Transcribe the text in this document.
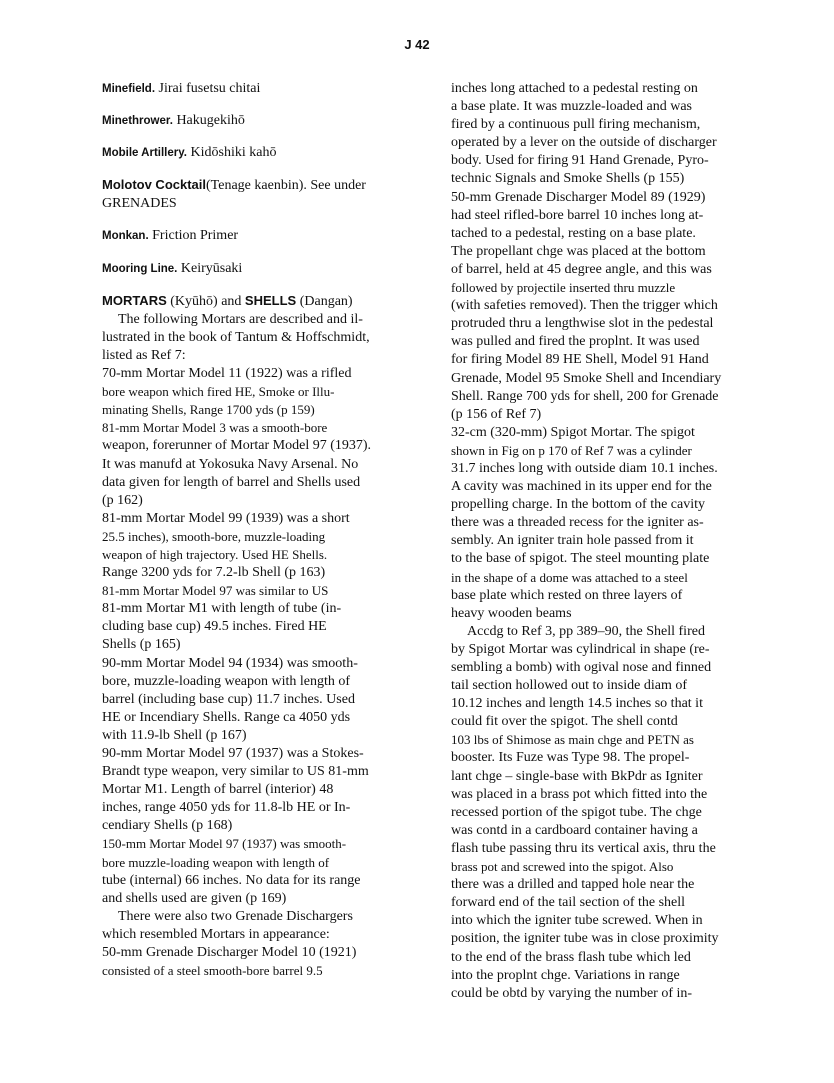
J 42
Minefield. Jirai fusetsu chitai
Minethrower. Hakugekihō
Mobile Artillery. Kidōshiki kahō
Molotov Cocktail(Tenage kaenbin). See under
GRENADES
Monkan. Friction Primer
Mooring Line. Keiryūsaki
MORTARS (Kyūhō) and SHELLS (Dangan)
The following Mortars are described and il-
lustrated in the book of Tantum & Hoffschmidt,
listed as Ref 7:
70-mm Mortar Model 11 (1922) was a rifled
bore weapon which fired HE, Smoke or Illu-
minating Shells, Range 1700 yds (p 159)
81-mm Mortar Model 3 was a smooth-bore
weapon, forerunner of Mortar Model 97 (1937).
It was manufd at Yokosuka Navy Arsenal. No
data given for length of barrel and Shells used
(p 162)
81-mm Mortar Model 99 (1939) was a short
25.5 inches), smooth-bore, muzzle-loading
weapon of high trajectory. Used HE Shells.
Range 3200 yds for 7.2-lb Shell (p 163)
81-mm Mortar Model 97 was similar to US
81-mm Mortar M1 with length of tube (in-
cluding base cup) 49.5 inches. Fired HE
Shells (p 165)
90-mm Mortar Model 94 (1934) was smooth-
bore, muzzle-loading weapon with length of
barrel (including base cup) 11.7 inches. Used
HE or Incendiary Shells. Range ca 4050 yds
with 11.9-lb Shell (p 167)
90-mm Mortar Model 97 (1937) was a Stokes-
Brandt type weapon, very similar to US 81-mm
Mortar M1. Length of barrel (interior) 48
inches, range 4050 yds for 11.8-lb HE or In-
cendiary Shells (p 168)
150-mm Mortar Model 97 (1937) was smooth-
bore muzzle-loading weapon with length of
tube (internal) 66 inches. No data for its range
and shells used are given (p 169)
There were also two Grenade Dischargers
which resembled Mortars in appearance:
50-mm Grenade Discharger Model 10 (1921)
consisted of a steel smooth-bore barrel 9.5
inches long attached to a pedestal resting on
a base plate. It was muzzle-loaded and was
fired by a continuous pull firing mechanism,
operated by a lever on the outside of discharger
body. Used for firing 91 Hand Grenade, Pyro-
technic Signals and Smoke Shells (p 155)
50-mm Grenade Discharger Model 89 (1929)
had steel rifled-bore barrel 10 inches long at-
tached to a pedestal, resting on a base plate.
The propellant chge was placed at the bottom
of barrel, held at 45 degree angle, and this was
followed by projectile inserted thru muzzle
(with safeties removed). Then the trigger which
protruded thru a lengthwise slot in the pedestal
was pulled and fired the proplnt. It was used
for firing Model 89 HE Shell, Model 91 Hand
Grenade, Model 95 Smoke Shell and Incendiary
Shell. Range 700 yds for shell, 200 for Grenade
(p 156 of Ref 7)
32-cm (320-mm) Spigot Mortar. The spigot
shown in Fig on p 170 of Ref 7 was a cylinder
31.7 inches long with outside diam 10.1 inches.
A cavity was machined in its upper end for the
propelling charge. In the bottom of the cavity
there was a threaded recess for the igniter as-
sembly. An igniter train hole passed from it
to the base of spigot. The steel mounting plate
in the shape of a dome was attached to a steel
base plate which rested on three layers of
heavy wooden beams
Accdg to Ref 3, pp 389–90, the Shell fired
by Spigot Mortar was cylindrical in shape (re-
sembling a bomb) with ogival nose and finned
tail section hollowed out to inside diam of
10.12 inches and length 14.5 inches so that it
could fit over the spigot. The shell contd
103 lbs of Shimose as main chge and PETN as
booster. Its Fuze was Type 98. The propel-
lant chge – single-base with BkPdr as Igniter
was placed in a brass pot which fitted into the
recessed portion of the spigot tube. The chge
was contd in a cardboard container having a
flash tube passing thru its vertical axis, thru the
brass pot and screwed into the spigot. Also
there was a drilled and tapped hole near the
forward end of the tail section of the shell
into which the igniter tube screwed. When in
position, the igniter tube was in close proximity
to the end of the brass flash tube which led
into the proplnt chge. Variations in range
could be obtd by varying the number of in-
